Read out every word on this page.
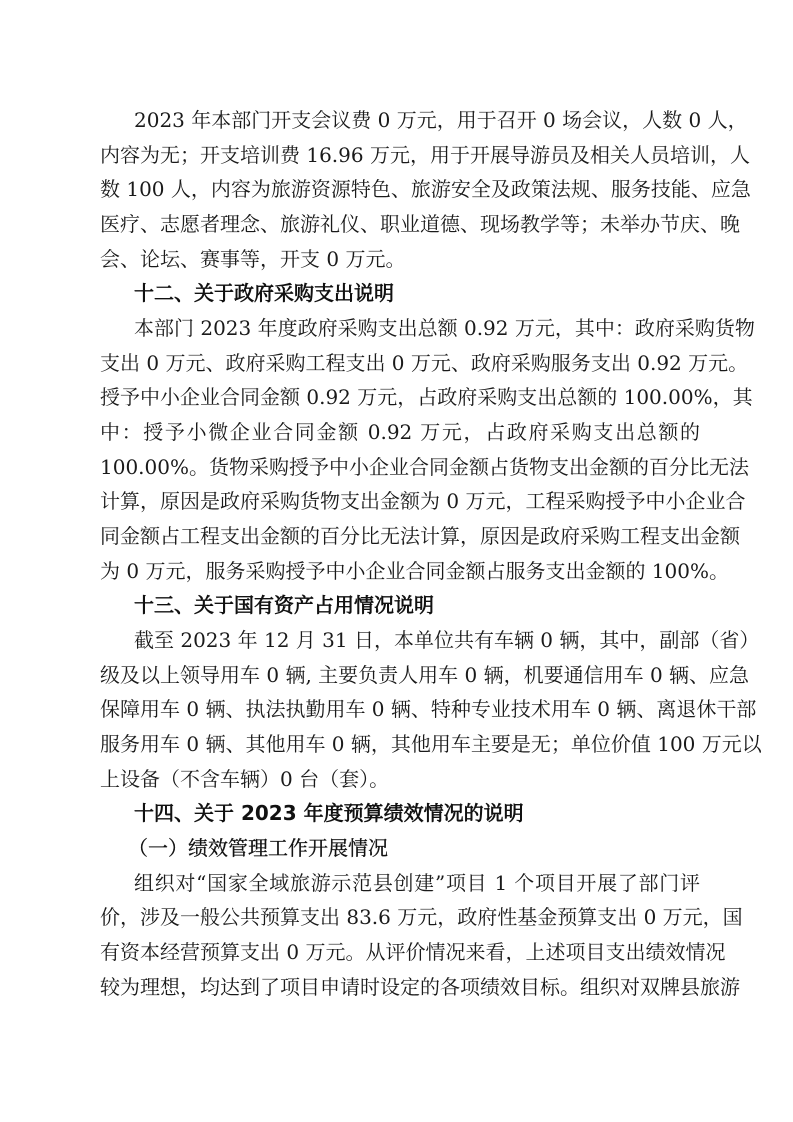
2023 年本部门开支会议费 0 万元，用于召开 0 场会议，人数 0 人，
内容为无；开支培训费 16.96 万元，用于开展导游员及相关人员培训，人
数 100 人，内容为旅游资源特色、旅游安全及政策法规、服务技能、应急
医疗、志愿者理念、旅游礼仪、职业道德、现场教学等；未举办节庆、晚
会、论坛、赛事等，开支 0 万元。
十二、关于政府采购支出说明
本部门 2023 年度政府采购支出总额 0.92 万元，其中：政府采购货物
支出 0 万元、政府采购工程支出 0 万元、政府采购服务支出 0.92 万元。
授予中小企业合同金额 0.92 万元，占政府采购支出总额的 100.00%，其
中：授予小微企业合同金额 0.92 万元，占政府采购支出总额的
100.00%。货物采购授予中小企业合同金额占货物支出金额的百分比无法
计算，原因是政府采购货物支出金额为 0 万元，工程采购授予中小企业合
同金额占工程支出金额的百分比无法计算，原因是政府采购工程支出金额
为 0 万元，服务采购授予中小企业合同金额占服务支出金额的 100%。
十三、关于国有资产占用情况说明
截至 2023 年 12 月 31 日，本单位共有车辆 0 辆，其中，副部（省）
级及以上领导用车 0 辆, 主要负责人用车 0 辆，机要通信用车 0 辆、应急
保障用车 0 辆、执法执勤用车 0 辆、特种专业技术用车 0 辆、离退休干部
服务用车 0 辆、其他用车 0 辆，其他用车主要是无；单位价值 100 万元以
上设备（不含车辆）0 台（套）。
十四、关于 2023 年度预算绩效情况的说明
（一）绩效管理工作开展情况
组织对“国家全域旅游示范县创建”项目 1 个项目开展了部门评
价，涉及一般公共预算支出 83.6 万元，政府性基金预算支出 0 万元，国
有资本经营预算支出 0 万元。从评价情况来看，上述项目支出绩效情况
较为理想，均达到了项目申请时设定的各项绩效目标。组织对双牌县旅游
